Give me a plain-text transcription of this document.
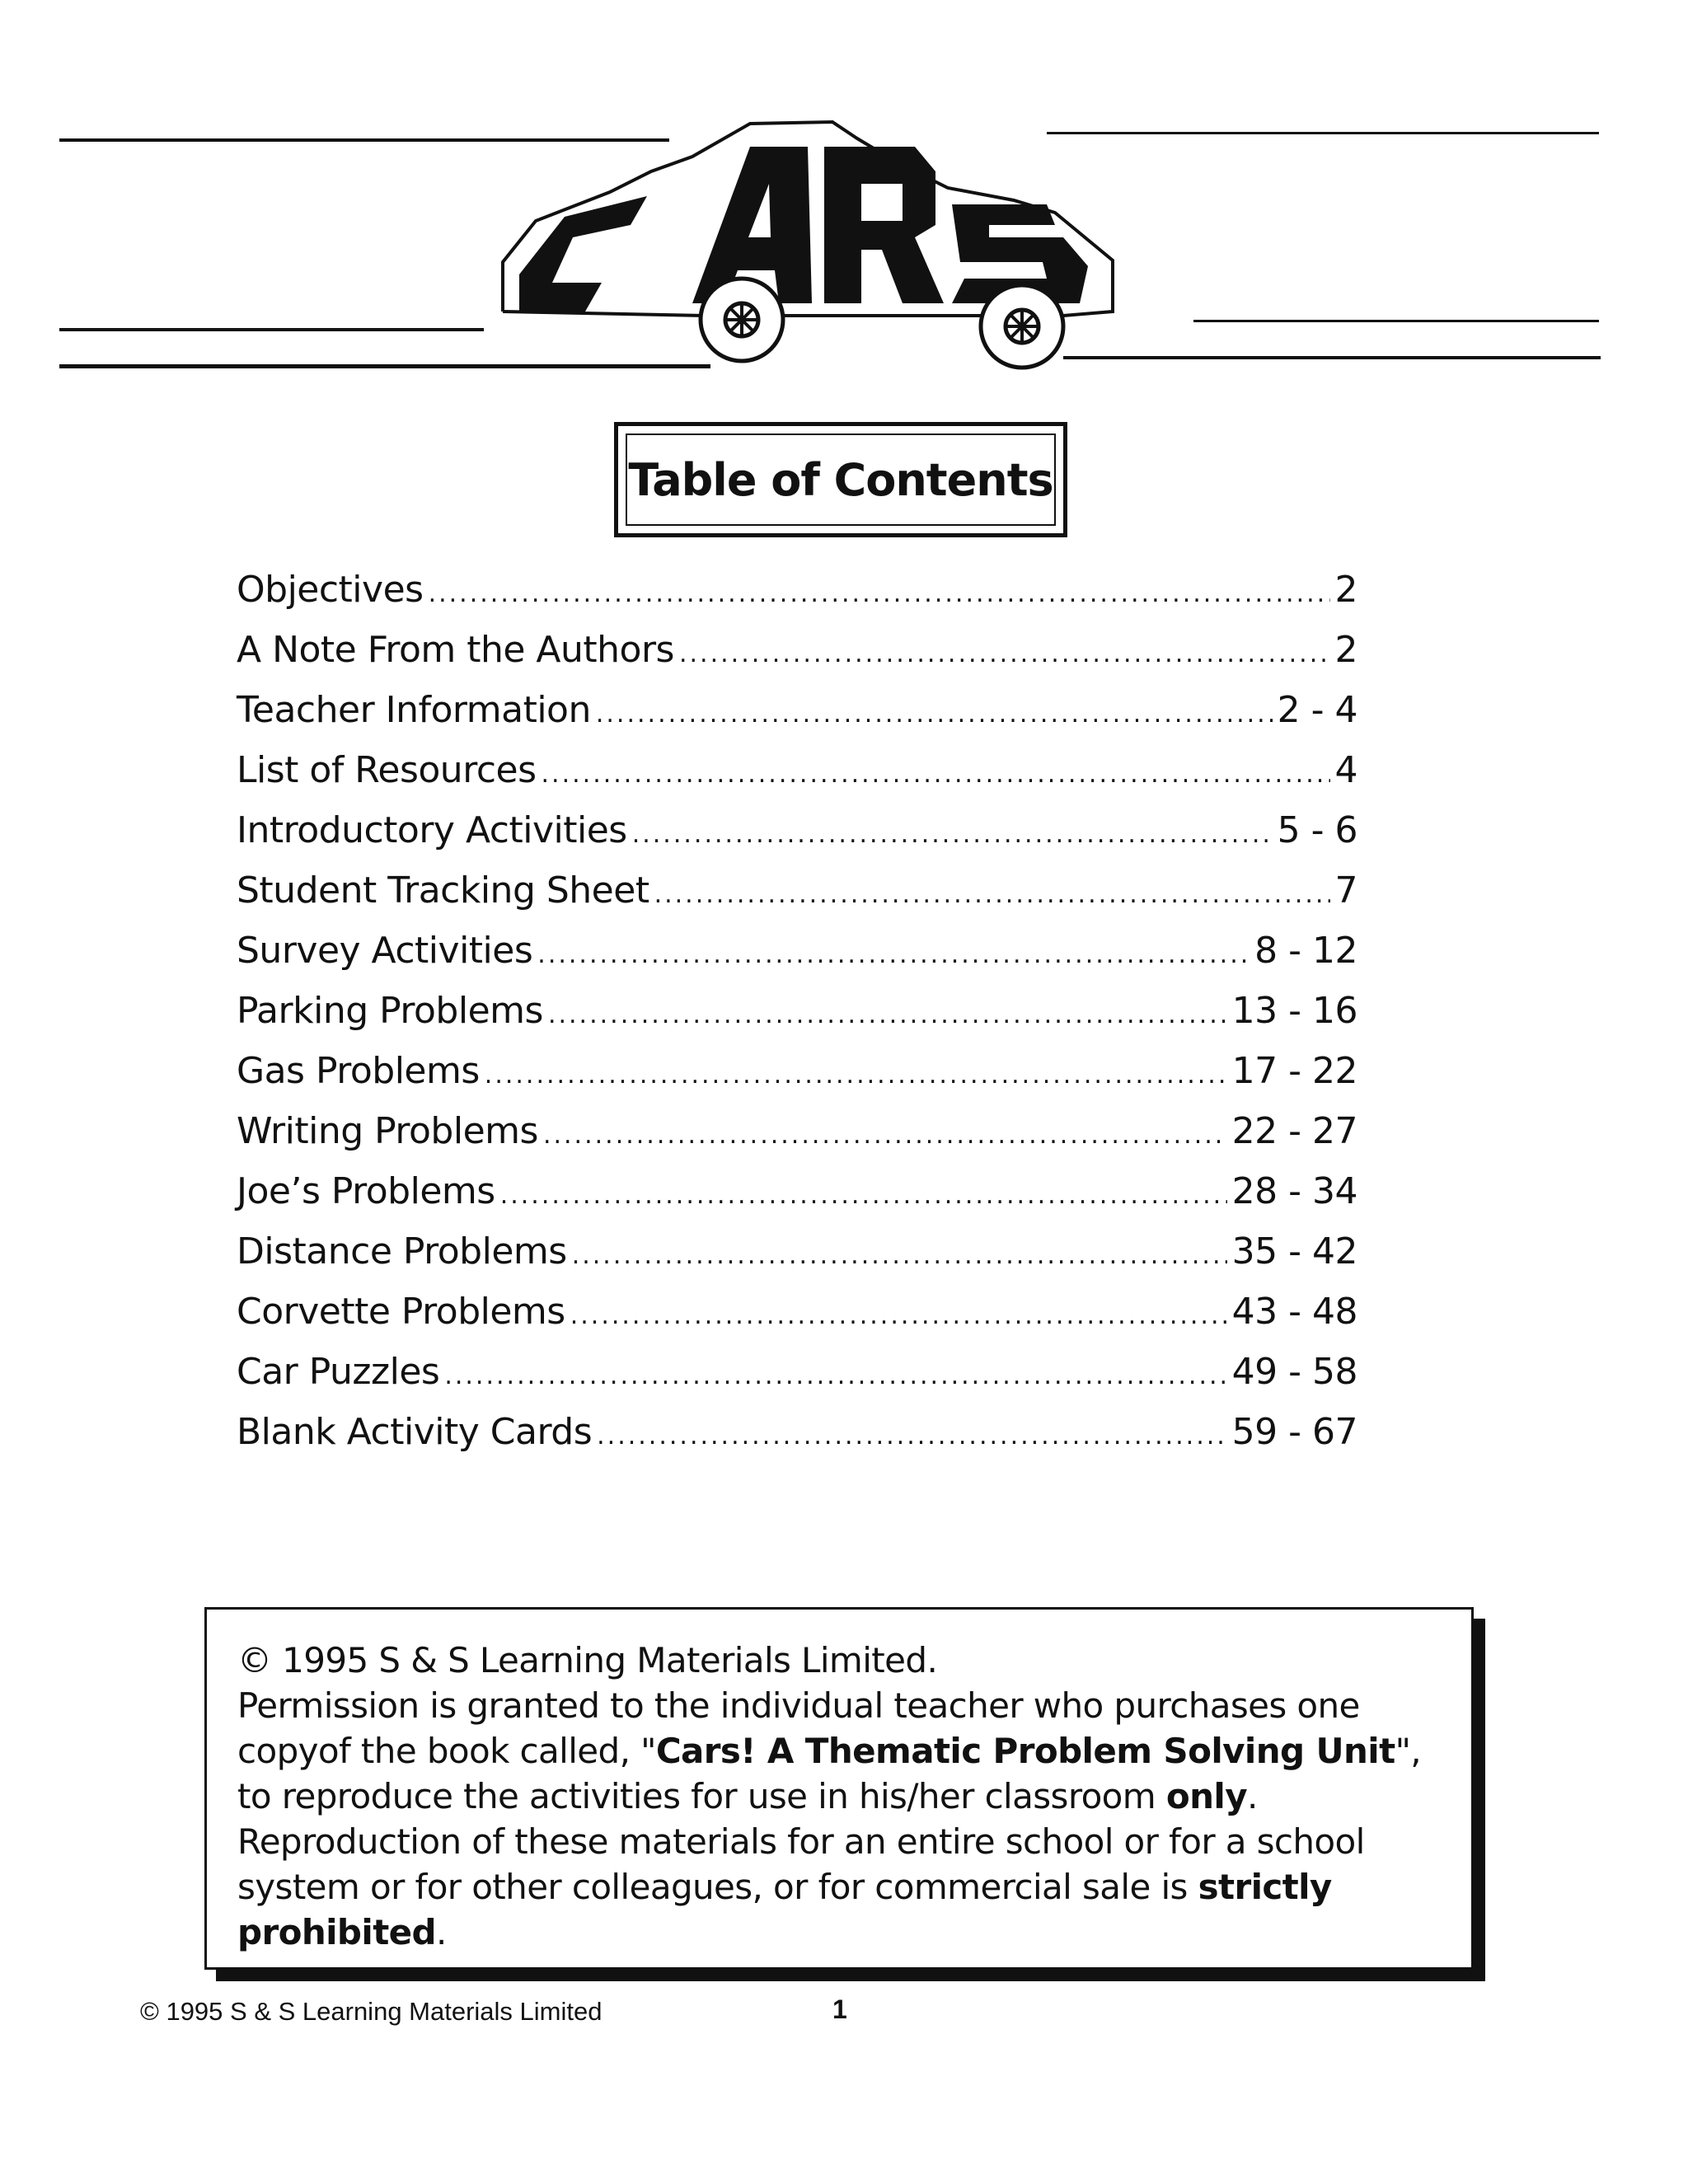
CARS
Table of Contents
Objectives .....	2
A Note From the Authors .....	2
Teacher Information .....	2 - 4
List of Resources .....	4
Introductory Activities .....	5 - 6
Student Tracking Sheet .....	7
Survey Activities .....	8 - 12
Parking Problems .....	13 - 16
Gas Problems .....	17 - 22
Writing Problems .....	22 - 27
Joe’s Problems .....	28 - 34
Distance Problems .....	35 - 42
Corvette Problems .....	43 - 48
Car Puzzles .....	49 - 58
Blank Activity Cards .....	59 - 67

© 1995 S & S Learning Materials Limited.

Permission is granted to the individual teacher who purchases one copyof the book called, "Cars! A Thematic Problem Solving Unit", to reproduce the activities for use in his/her classroom only. Reproduction of these materials for an entire school or for a school system or for other colleagues, or for commercial sale is strictly prohibited.

© 1995 S & S Learning Materials Limited	1
